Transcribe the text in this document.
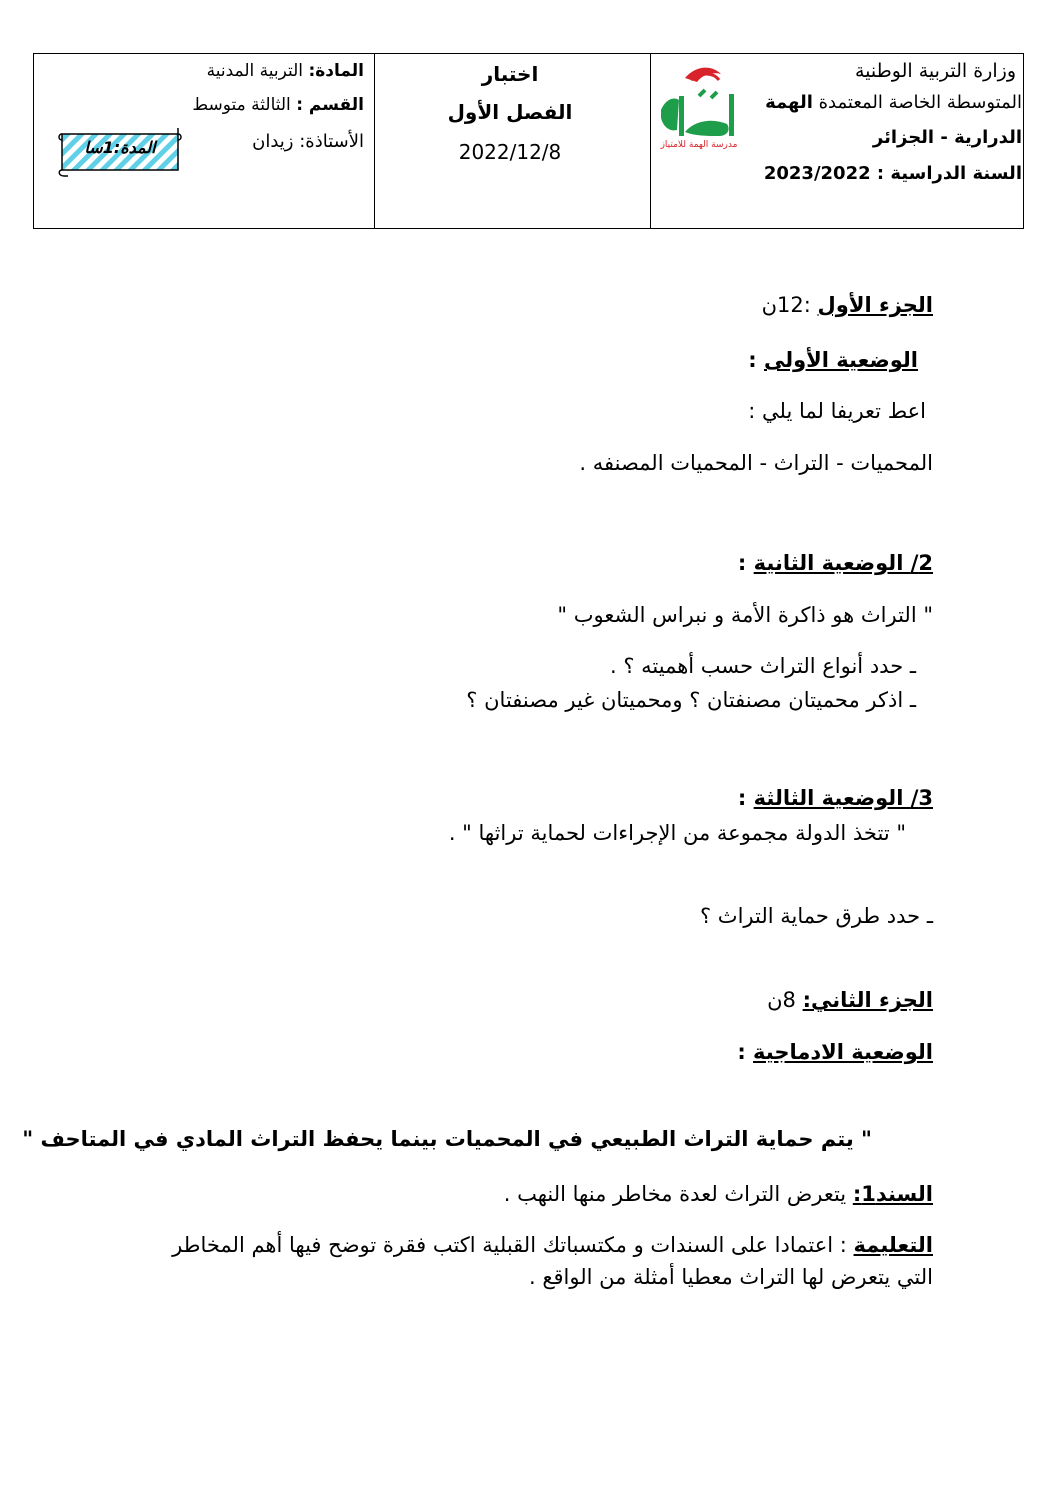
وزارة التربية الوطنية
المتوسطة الخاصة المعتمدة الهمة
الدرارية - الجزائر
السنة الدراسية : 2023/2022
مدرسة الهمة للامتياز
اختبار
الفصل الأول
2022/12/8
المادة: التربية المدنية
القسم : الثالثة متوسط
الأستاذة: زيدان
المدة:1سا
الجزء الأول :12ن
الوضعية الأولى :
اعط تعريفا لما يلي :
المحميات - التراث - المحميات المصنفه .
2/ الوضعية الثانية :
" التراث هو ذاكرة الأمة و نبراس الشعوب "
ـ حدد أنواع التراث حسب أهميته ؟ .
ـ اذكر محميتان مصنفتان ؟ ومحميتان غير مصنفتان ؟
3/ الوضعية الثالثة :
" تتخذ الدولة مجموعة من الإجراءات لحماية تراثها " .
ـ حدد طرق حماية التراث ؟
الجزء الثاني: 8ن
الوضعية الادماجية :
" يتم حماية التراث الطبيعي في المحميات بينما يحفظ التراث المادي في المتاحف "
السند1: يتعرض التراث لعدة مخاطر منها النهب .
التعليمة : اعتمادا على السندات و مكتسباتك القبلية اكتب فقرة توضح فيها أهم المخاطر
التي يتعرض لها التراث معطيا أمثلة من الواقع .
